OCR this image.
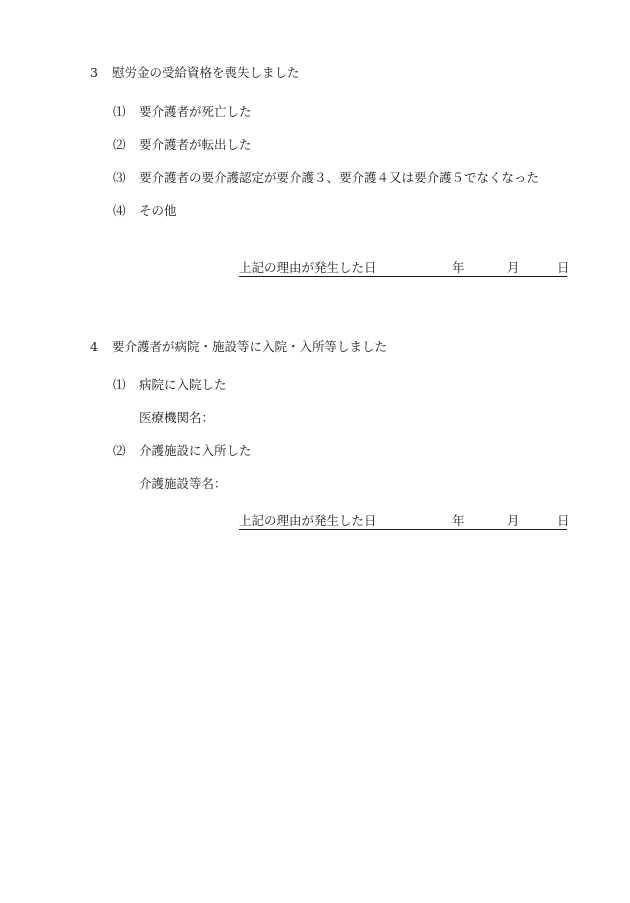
3 慰労金の受給資格を喪失しました
⑴ 要介護者が死亡した
⑵ 要介護者が転出した
⑶ 要介護者の要介護認定が要介護３、要介護４又は要介護５でなくなった
⑷ その他
上記の理由が発生した日	年	月	日
4 要介護者が病院・施設等に入院・入所等しました
⑴ 病院に入院した
医療機関名：
⑵ 介護施設に入所した
介護施設等名：
上記の理由が発生した日	年	月	日
